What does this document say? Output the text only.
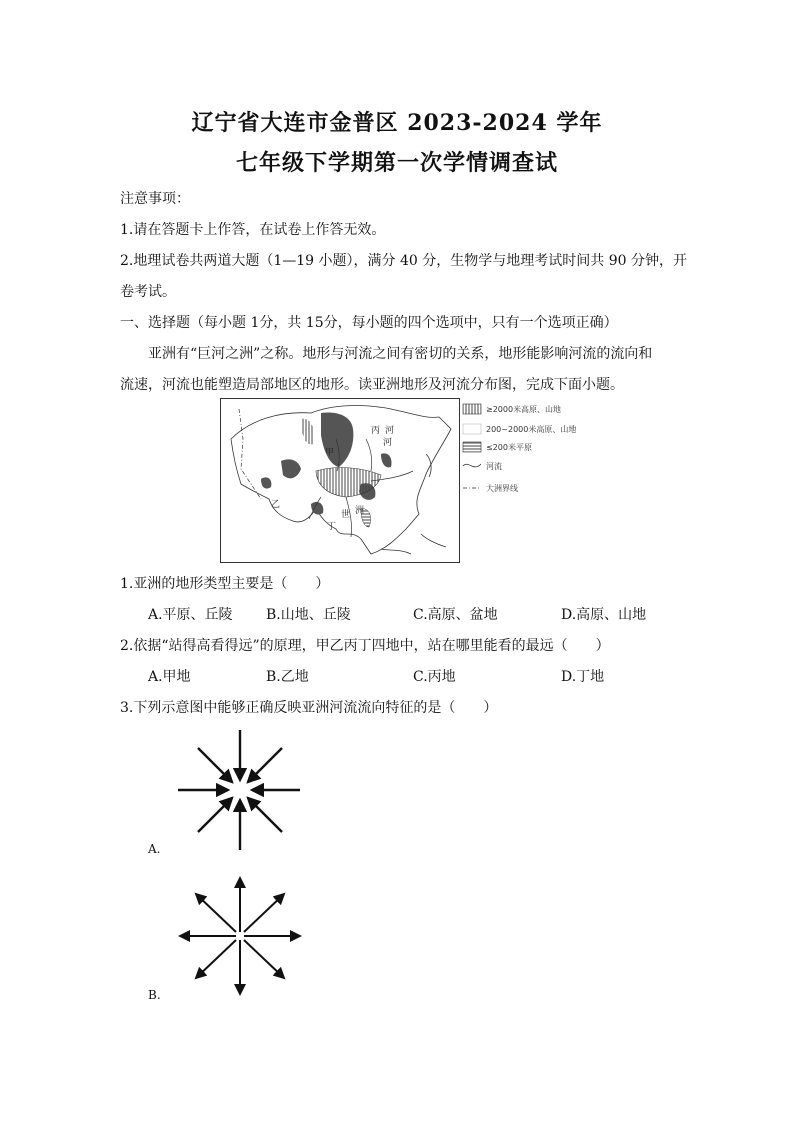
辽宁省大连市金普区 2023-2024 学年
七年级下学期第一次学情调查试
注意事项：
1.请在答题卡上作答，在试卷上作答无效。
2.地理试卷共两道大题（1—19 小题），满分 40 分，生物学与地理考试时间共 90 分钟，开
卷考试。
一、选择题（每小题 1分，共 15分，每小题的四个选项中，只有一个选项正确）
亚洲有“巨河之洲”之称。地形与河流之间有密切的关系，地形能影响河流的流向和
流速，河流也能塑造局部地区的地形。读亚洲地形及河流分布图，完成下面小题。
甲
乙
丙
丁
河
河
世 洲
≥2000米高原、山地
200~2000米高原、山地
≤200米平原
河流
大洲界线
1.亚洲的地形类型主要是（　　）
A.平原、丘陵 B.山地、丘陵	C.高原、盆地	D.高原、山地
2.依据“站得高看得远”的原理，甲乙丙丁四地中，站在哪里能看的最远（　　）
A.甲地	B.乙地	C.丙地	D.丁地
3.下列示意图中能够正确反映亚洲河流流向特征的是（　　）
A.
B.
